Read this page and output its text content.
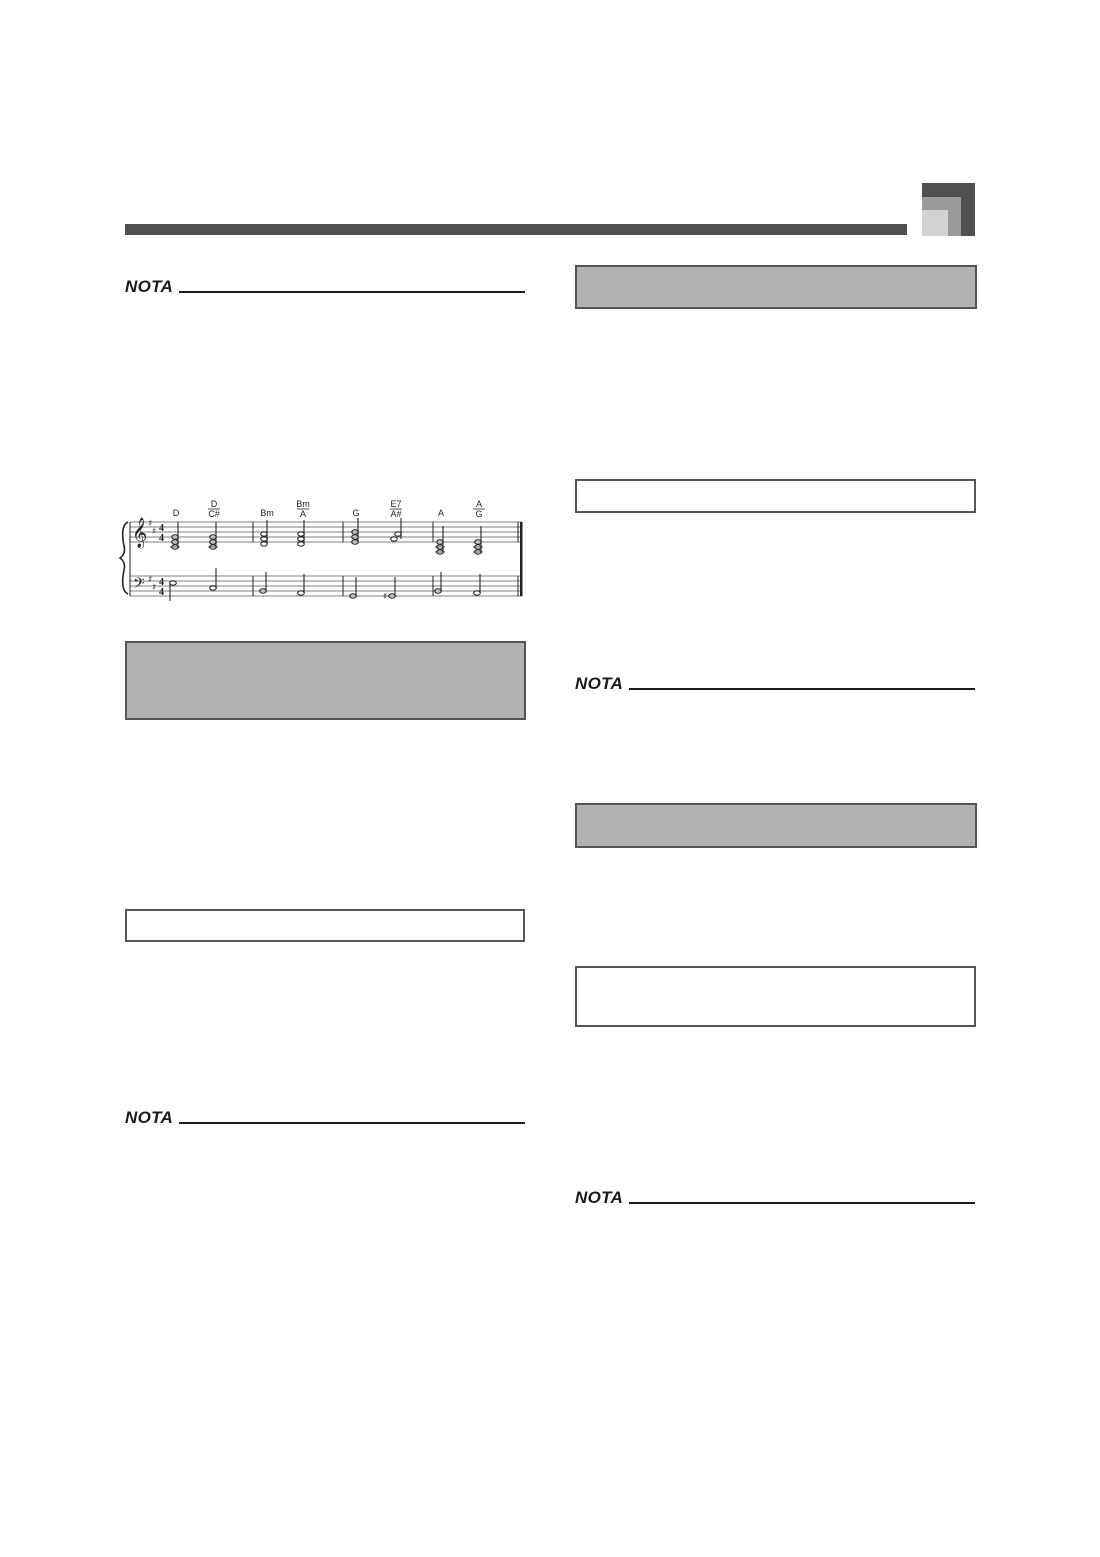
NOTA
𝄞
𝄢
♯
♯
♯
♯
4
4
4
4
D
D
C#	Bm
Bm
A	G
E7
A#	A
A
G
♯
NOTA
NOTA
NOTA
